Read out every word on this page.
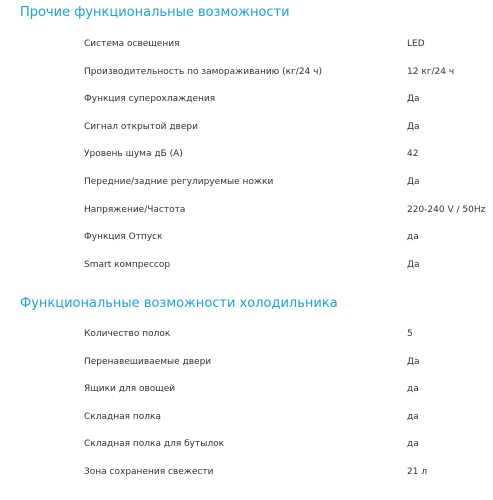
Прочие функциональные возможности
Система освещения	LED
Производительность по замораживанию (кг/24 ч)	12 кг/24 ч
Функция суперохлаждения	Да
Сигнал открытой двери	Да
Уровень шума дБ (А)	42
Передние/задние регулируемые ножки	Да
Напряжение/Частота	220-240 V / 50Hz
Функция Отпуск	да
Smart компрессор	Да
Функциональные возможности холодильника
Количество полок	5
Перенавешиваемые двери	Да
Ящики для овощей	да
Складная полка	да
Складная полка для бутылок	да
Зона сохранения свежести	21 л
